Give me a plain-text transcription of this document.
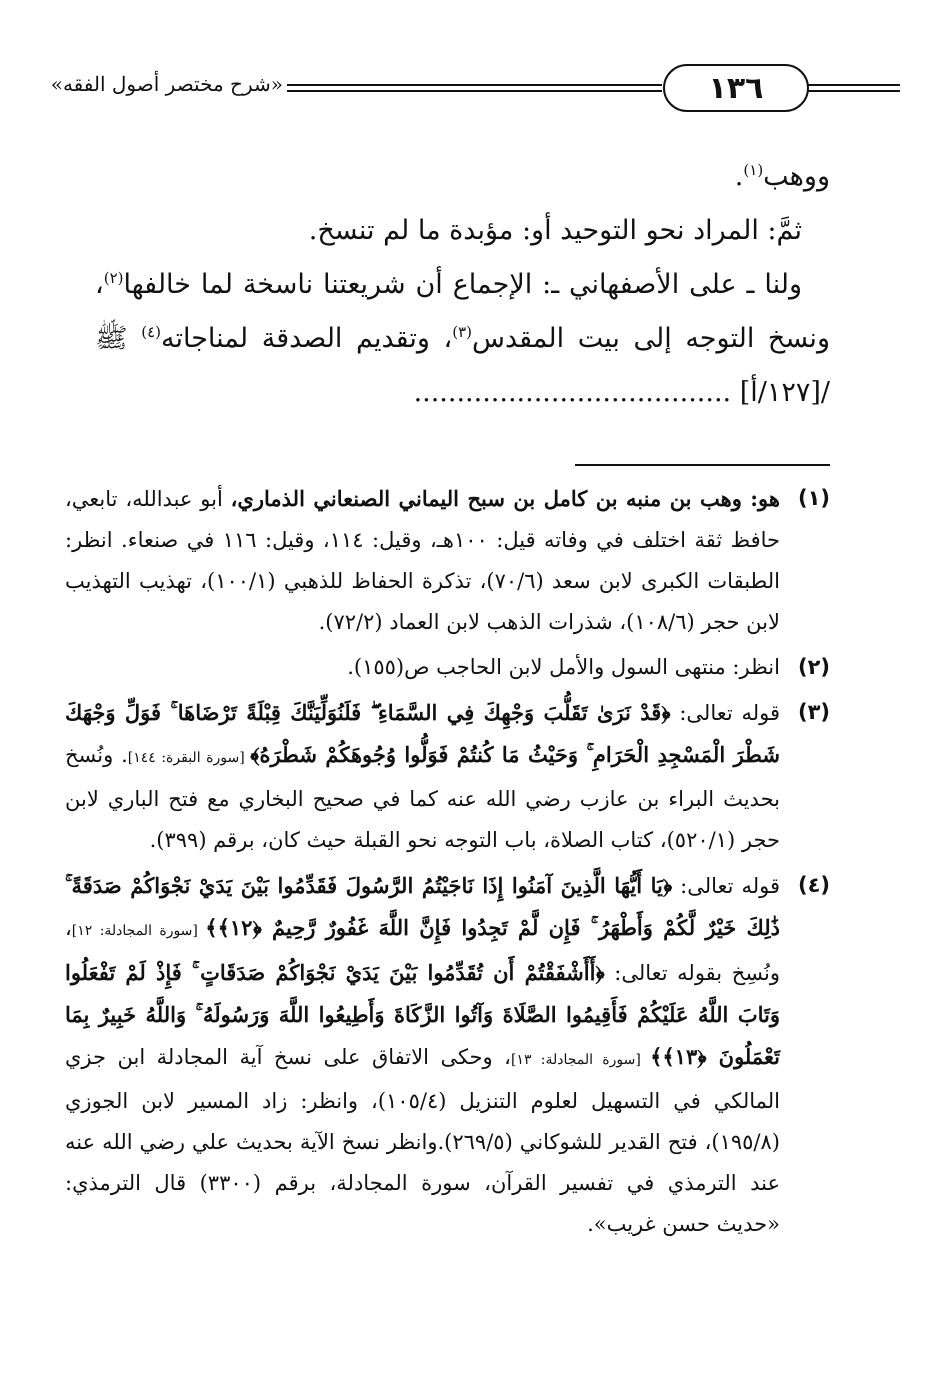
١٣٦
«شرح مختصر أصول الفقه»

ووهب$^{(١)}$.

ثمَّ: المراد نحو التوحيد أو: مؤبدة ما لم تنسخ.

ولنا ـ على الأصفهاني ـ: الإجماع أن شريعتنا ناسخة لما خالفها$^{(٢)}$، ونسخ التوجه إلى بيت المقدس$^{(٣)}$، وتقديم الصدقة لمناجاته$^{(٤)}$ ﷺ /[١٢٧/أ] .....................................

(١)
هو: وهب بن منبه بن كامل بن سبح اليماني الصنعاني الذماري، أبو عبدالله، تابعي، حافظ ثقة اختلف في وفاته قيل: ١٠٠هـ، وقيل: ١١٤، وقيل: ١١٦ في صنعاء. انظر: الطبقات الكبرى لابن سعد (٧٠/٦)، تذكرة الحفاظ للذهبي (١٠٠/١)، تهذيب التهذيب لابن حجر (١٠٨/٦)، شذرات الذهب لابن العماد (٧٢/٢).
(٢)
انظر: منتهى السول والأمل لابن الحاجب ص(١٥٥).
(٣)
قوله تعالى: ﴿قَدْ نَرَىٰ تَقَلُّبَ وَجْهِكَ فِي السَّمَاءِ ۖ فَلَنُوَلِّيَنَّكَ قِبْلَةً تَرْضَاهَا ۚ فَوَلِّ وَجْهَكَ شَطْرَ الْمَسْجِدِ الْحَرَامِ ۚ وَحَيْثُ مَا كُنتُمْ فَوَلُّوا وُجُوهَكُمْ شَطْرَهُ﴾ [سورة البقرة: ١٤٤]. ونُسخ بحديث البراء بن عازب رضي الله عنه كما في صحيح البخاري مع فتح الباري لابن حجر (٥٢٠/١)، كتاب الصلاة، باب التوجه نحو القبلة حيث كان، برقم (٣٩٩).
(٤)
قوله تعالى: ﴿يَا أَيُّهَا الَّذِينَ آمَنُوا إِذَا نَاجَيْتُمُ الرَّسُولَ فَقَدِّمُوا بَيْنَ يَدَيْ نَجْوَاكُمْ صَدَقَةً ۚ ذَٰلِكَ خَيْرٌ لَّكُمْ وَأَطْهَرُ ۚ فَإِن لَّمْ تَجِدُوا فَإِنَّ اللَّهَ غَفُورٌ رَّحِيمٌ ﴿١٢﴾﴾ [سورة المجادلة: ١٢]، ونُسِخ بقوله تعالى: ﴿أَأَشْفَقْتُمْ أَن تُقَدِّمُوا بَيْنَ يَدَيْ نَجْوَاكُمْ صَدَقَاتٍ ۚ فَإِذْ لَمْ تَفْعَلُوا وَتَابَ اللَّهُ عَلَيْكُمْ فَأَقِيمُوا الصَّلَاةَ وَآتُوا الزَّكَاةَ وَأَطِيعُوا اللَّهَ وَرَسُولَهُ ۚ وَاللَّهُ خَبِيرٌ بِمَا تَعْمَلُونَ ﴿١٣﴾﴾ [سورة المجادلة: ١٣]، وحكى الاتفاق على نسخ آية المجادلة ابن جزي المالكي في التسهيل لعلوم التنزيل (١٠٥/٤)، وانظر: زاد المسير لابن الجوزي (١٩٥/٨)، فتح القدير للشوكاني (٢٦٩/٥).وانظر نسخ الآية بحديث علي رضي الله عنه عند الترمذي في تفسير القرآن، سورة المجادلة، برقم (٣٣٠٠) قال الترمذي: «حديث حسن غريب».
